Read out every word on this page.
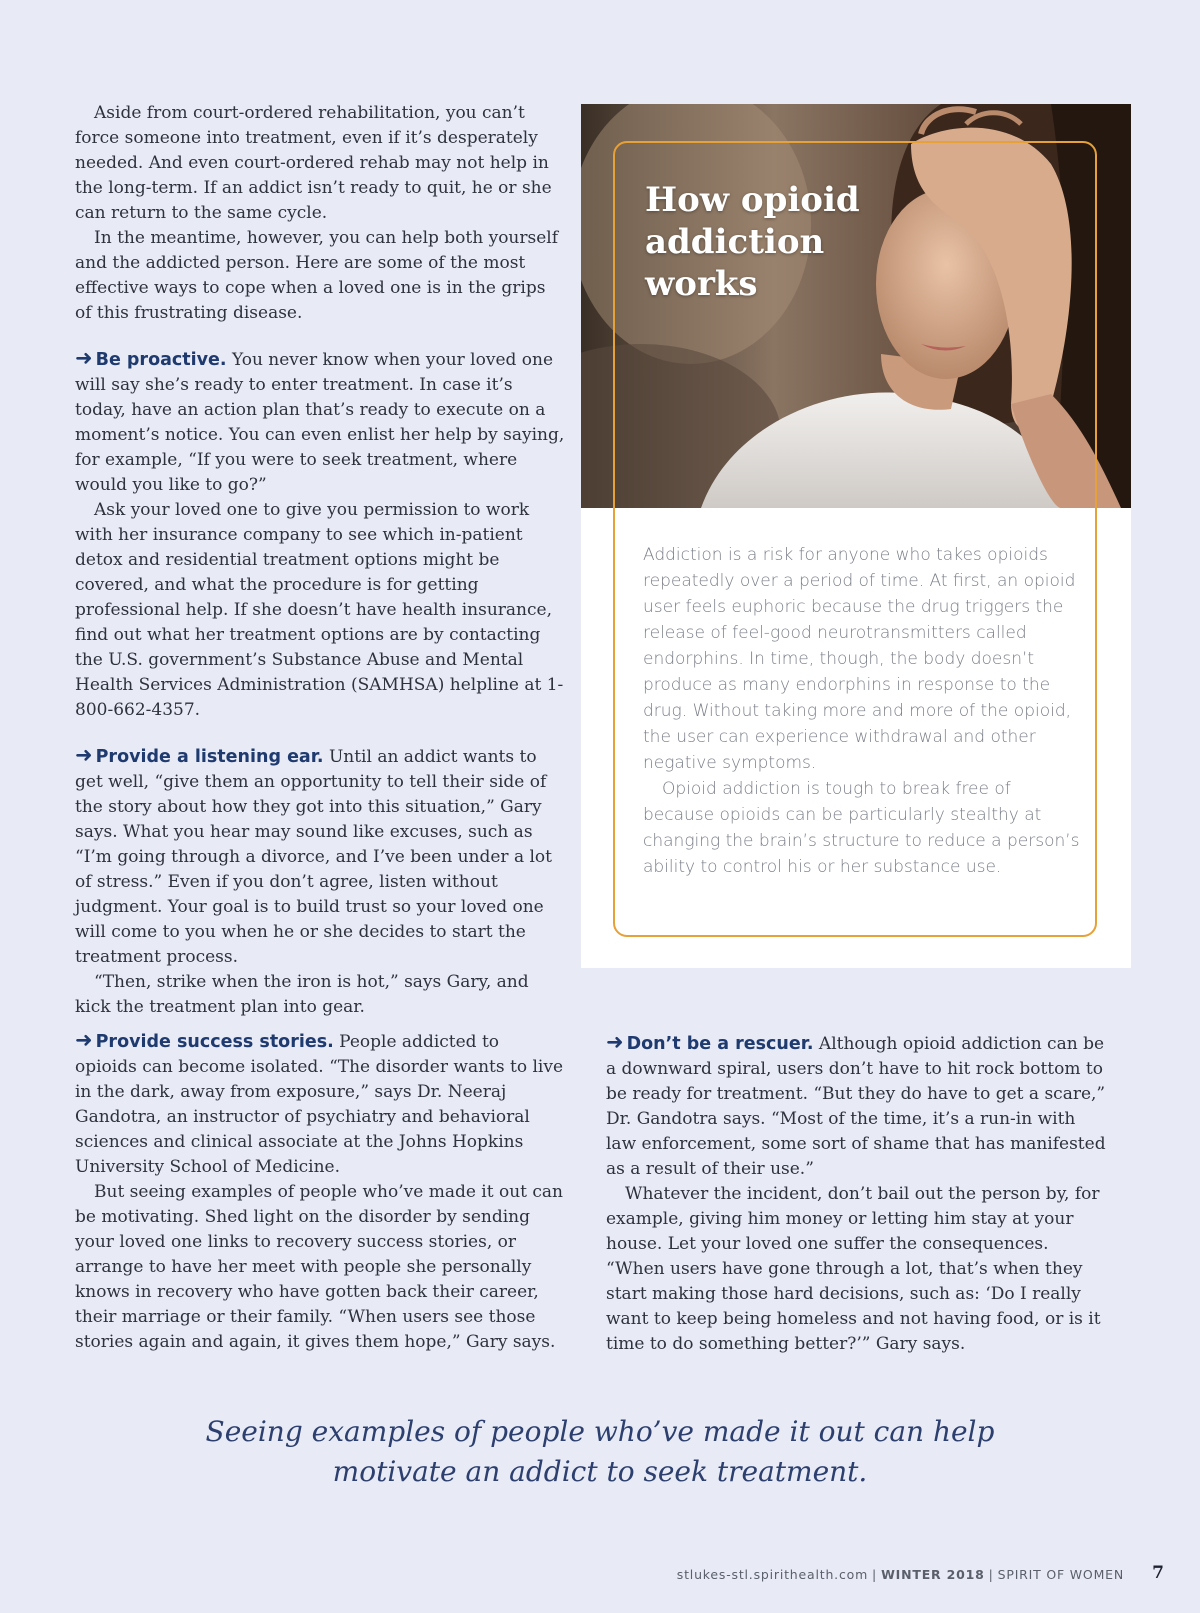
Aside from court-ordered rehabilitation, you can’t force someone into treatment, even if it’s desperately needed. And even court-ordered rehab may not help in the long-term. If an addict isn’t ready to quit, he or she can return to the same cycle.

In the meantime, however, you can help both yourself and the addicted person. Here are some of the most effective ways to cope when a loved one is in the grips of this frustrating disease.

➜ Be proactive. You never know when your loved one will say she’s ready to enter treatment. In case it’s today, have an action plan that’s ready to execute on a moment’s notice. You can even enlist her help by saying, for example, “If you were to seek treatment, where would you like to go?”

Ask your loved one to give you permission to work with her insurance company to see which in-patient detox and residential treatment options might be covered, and what the procedure is for getting professional help. If she doesn’t have health insurance, find out what her treatment options are by contacting the U.S. government’s Substance Abuse and Mental Health Services Administration (SAMHSA) helpline at 1-800-662-4357.

➜ Provide a listening ear. Until an addict wants to get well, “give them an opportunity to tell their side of the story about how they got into this situation,” Gary says. What you hear may sound like excuses, such as “I’m going through a divorce, and I’ve been under a lot of stress.” Even if you don’t agree, listen without judgment. Your goal is to build trust so your loved one will come to you when he or she decides to start the treatment process.

“Then, strike when the iron is hot,” says Gary, and kick the treatment plan into gear.

➜ Provide success stories. People addicted to opioids can become isolated. “The disorder wants to live in the dark, away from exposure,” says Dr. Neeraj Gandotra, an instructor of psychiatry and behavioral sciences and clinical associate at the Johns Hopkins University School of Medicine.

But seeing examples of people who’ve made it out can be motivating. Shed light on the disorder by sending your loved one links to recovery success stories, or arrange to have her meet with people she personally knows in recovery who have gotten back their career, their marriage or their family. “When users see those stories again and again, it gives them hope,” Gary says.

➜ Don’t be a rescuer. Although opioid addiction can be a downward spiral, users don’t have to hit rock bottom to be ready for treatment. “But they do have to get a scare,” Dr. Gandotra says. “Most of the time, it’s a run-in with law enforcement, some sort of shame that has manifested as a result of their use.”

Whatever the incident, don’t bail out the person by, for example, giving him money or letting him stay at your house. Let your loved one suffer the consequences. “When users have gone through a lot, that’s when they start making those hard decisions, such as: ‘Do I really want to keep being homeless and not having food, or is it time to do something better?’” Gary says.

How opioid addiction works

Addiction is a risk for anyone who takes opioids repeatedly over a period of time. At first, an opioid user feels euphoric because the drug triggers the release of feel-good neurotransmitters called endorphins. In time, though, the body doesn’t produce as many endorphins in response to the drug. Without taking more and more of the opioid, the user can experience withdrawal and other negative symptoms.

Opioid addiction is tough to break free of because opioids can be particularly stealthy at changing the brain’s structure to reduce a person’s ability to control his or her substance use.

Seeing examples of people who’ve made it out can help motivate an addict to seek treatment.
stlukes-stl.spirithealth.com | WINTER 2018 | SPIRIT OF WOMEN 7
